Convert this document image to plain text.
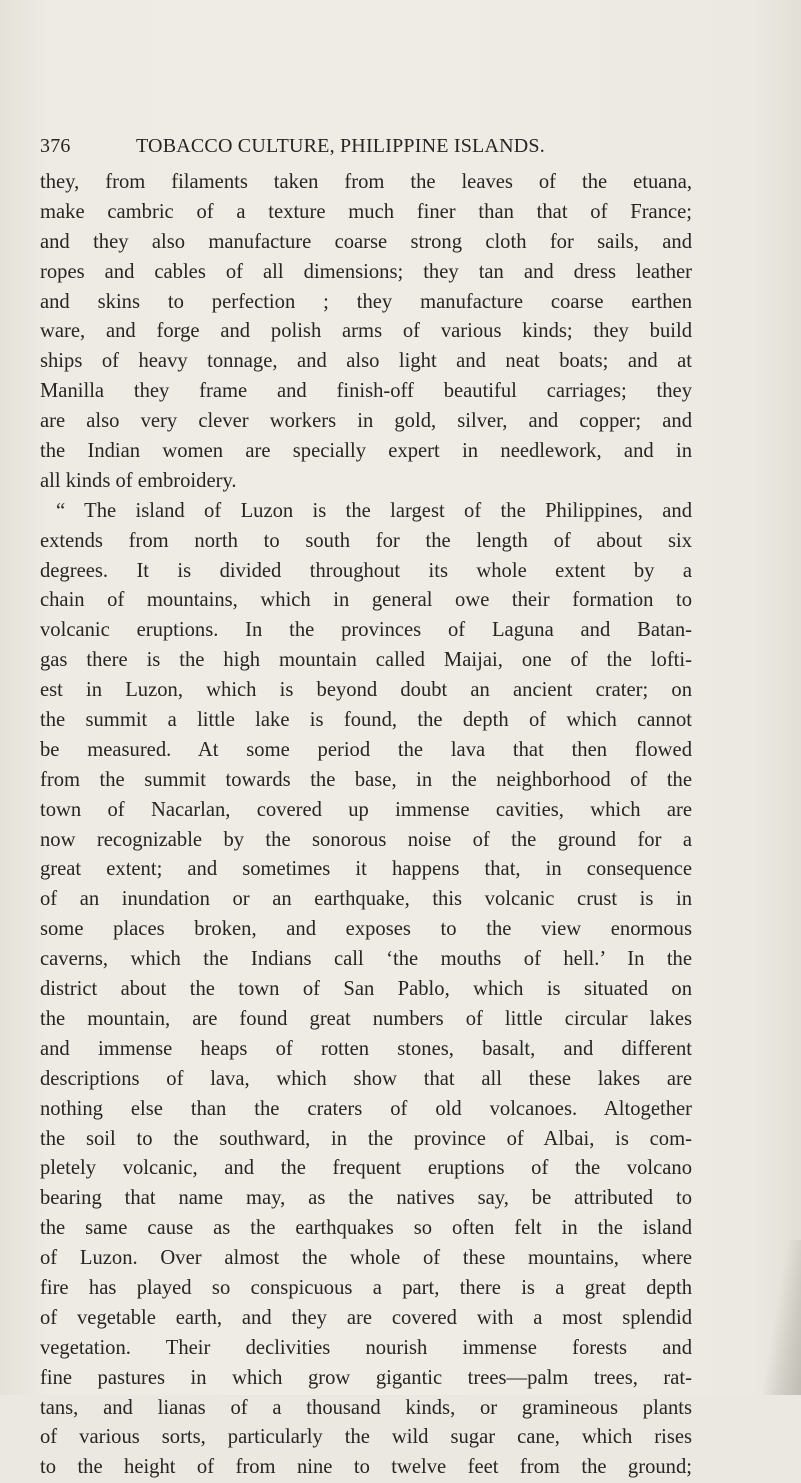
376	TOBACCO CULTURE, PHILIPPINE ISLANDS.
they, from filaments taken from the leaves of the etuana,
make cambric of a texture much finer than that of France;
and they also manufacture coarse strong cloth for sails, and
ropes and cables of all dimensions; they tan and dress leather
and skins to perfection ; they manufacture coarse earthen
ware, and forge and polish arms of various kinds; they build
ships of heavy tonnage, and also light and neat boats; and at
Manilla they frame and finish-off beautiful carriages; they
are also very clever workers in gold, silver, and copper; and
the Indian women are specially expert in needlework, and in
all kinds of embroidery.
“ The island of Luzon is the largest of the Philippines, and
extends from north to south for the length of about six
degrees. It is divided throughout its whole extent by a
chain of mountains, which in general owe their formation to
volcanic eruptions. In the provinces of Laguna and Batan-
gas there is the high mountain called Maijai, one of the lofti-
est in Luzon, which is beyond doubt an ancient crater; on
the summit a little lake is found, the depth of which cannot
be measured. At some period the lava that then flowed
from the summit towards the base, in the neighborhood of the
town of Nacarlan, covered up immense cavities, which are
now recognizable by the sonorous noise of the ground for a
great extent; and sometimes it happens that, in consequence
of an inundation or an earthquake, this volcanic crust is in
some places broken, and exposes to the view enormous
caverns, which the Indians call ‘the mouths of hell.’ In the
district about the town of San Pablo, which is situated on
the mountain, are found great numbers of little circular lakes
and immense heaps of rotten stones, basalt, and different
descriptions of lava, which show that all these lakes are
nothing else than the craters of old volcanoes. Altogether
the soil to the southward, in the province of Albai, is com-
pletely volcanic, and the frequent eruptions of the volcano
bearing that name may, as the natives say, be attributed to
the same cause as the earthquakes so often felt in the island
of Luzon. Over almost the whole of these mountains, where
fire has played so conspicuous a part, there is a great depth
of vegetable earth, and they are covered with a most splendid
vegetation. Their declivities nourish immense forests and
fine pastures in which grow gigantic trees—palm trees, rat-
tans, and lianas of a thousand kinds, or gramineous plants
of various sorts, particularly the wild sugar cane, which rises
to the height of from nine to twelve feet from the ground;
